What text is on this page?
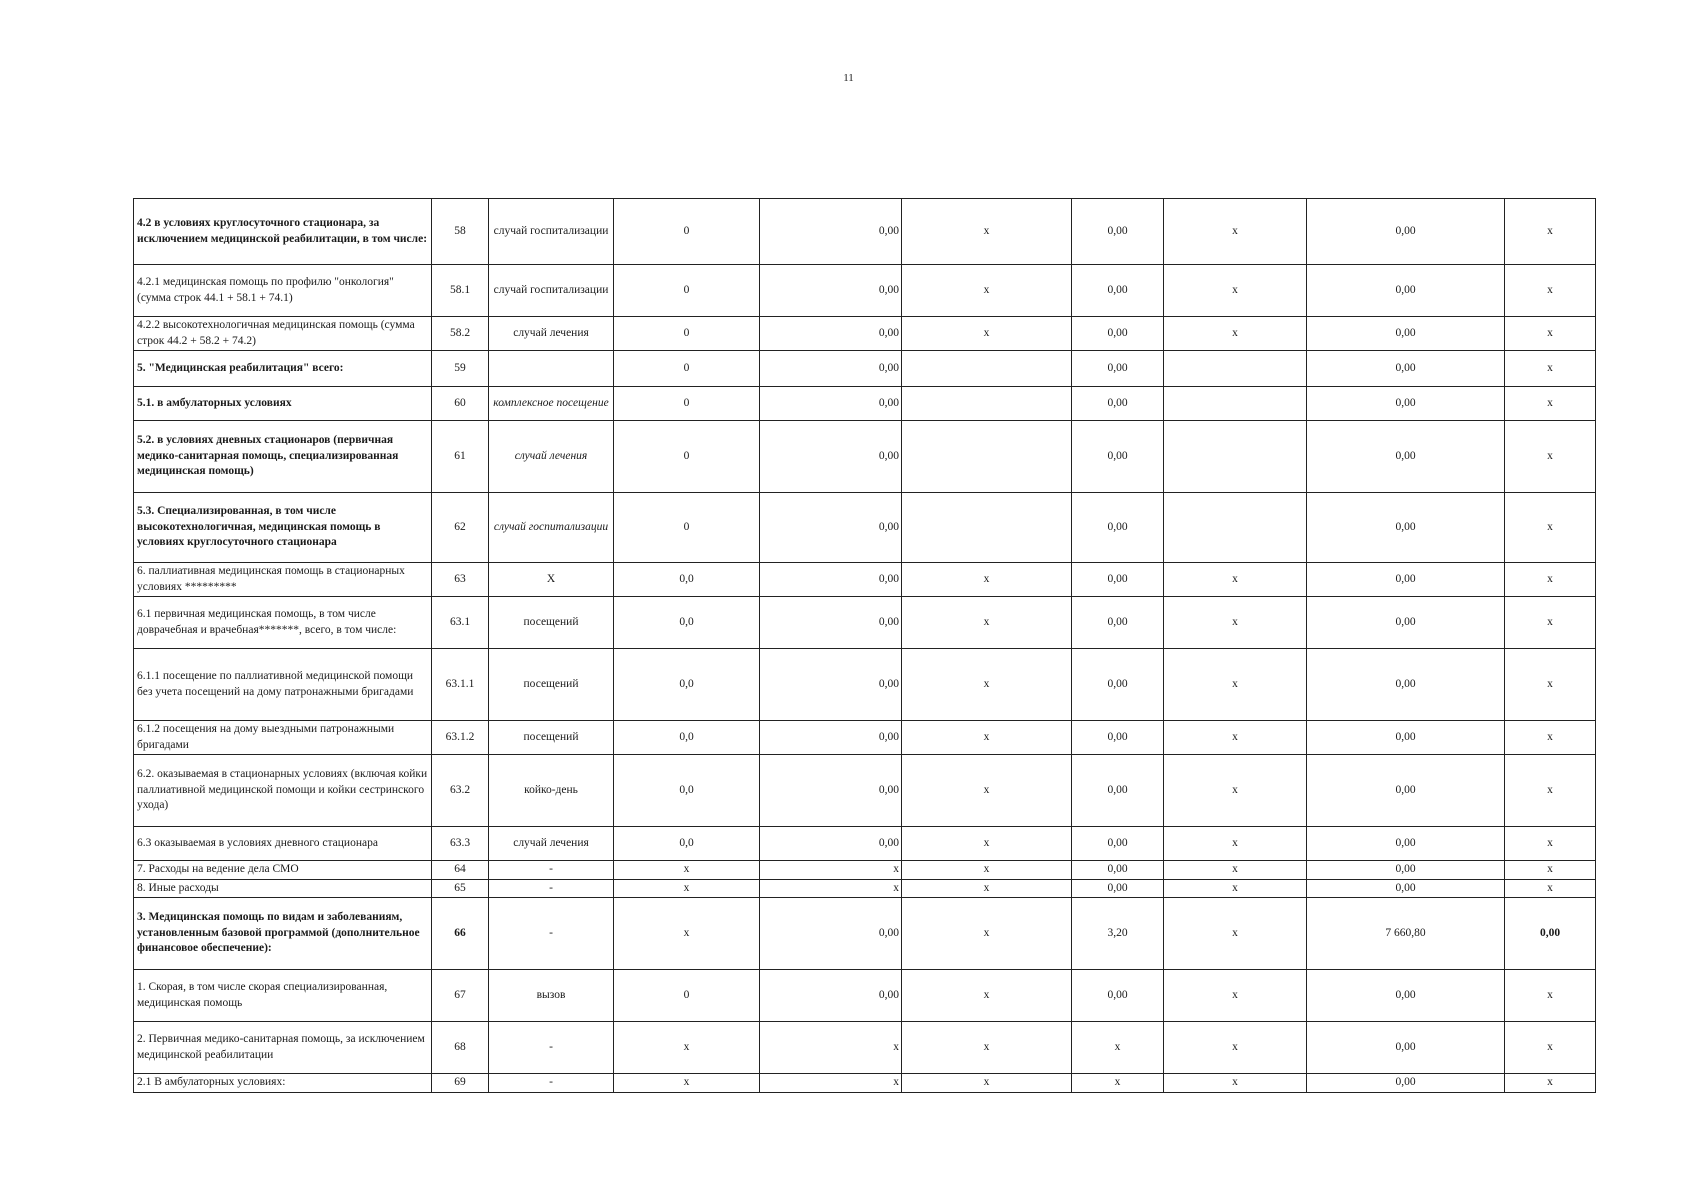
11
4.2 в условиях круглосуточного стационара, за исключением медицинской реабилитации, в том числе:	58	случай госпитализации	0	0,00	x	0,00	x	0,00	x
4.2.1 медицинская помощь по профилю "онкология" (сумма строк 44.1 + 58.1 + 74.1)	58.1	случай госпитализации	0	0,00	x	0,00	x	0,00	x
4.2.2 высокотехнологичная медицинская помощь (сумма строк 44.2 + 58.2 + 74.2)	58.2	случай лечения	0	0,00	x	0,00	x	0,00	x
5. "Медицинская реабилитация" всего:	59		0	0,00		0,00		0,00	x
5.1. в амбулаторных условиях	60	комплексное посещение	0	0,00		0,00		0,00	x
5.2. в условиях дневных стационаров (первичная медико-санитарная помощь, специализированная медицинская помощь)	61	случай лечения	0	0,00		0,00		0,00	x
5.3. Специализированная, в том числе высокотехнологичная, медицинская помощь в условиях круглосуточного стационара	62	случай госпитализации	0	0,00		0,00		0,00	x
6. паллиативная медицинская помощь в стационарных условиях *********	63	X	0,0	0,00	x	0,00	x	0,00	x
6.1 первичная медицинская помощь, в том числе доврачебная и врачебная*******, всего, в том числе:	63.1	посещений	0,0	0,00	x	0,00	x	0,00	x
6.1.1 посещение по паллиативной медицинской помощи без учета посещений на дому патронажными бригадами	63.1.1	посещений	0,0	0,00	x	0,00	x	0,00	x
6.1.2 посещения на дому выездными патронажными бригадами	63.1.2	посещений	0,0	0,00	x	0,00	x	0,00	x
6.2. оказываемая в стационарных условиях (включая койки паллиативной медицинской помощи и койки сестринского ухода)	63.2	койко-день	0,0	0,00	x	0,00	x	0,00	x
6.3 оказываемая в условиях дневного стационара	63.3	случай лечения	0,0	0,00	x	0,00	x	0,00	x
7. Расходы на ведение дела СМО	64	-	x	x	x	0,00	x	0,00	x
8. Иные расходы	65	-	x	x	x	0,00	x	0,00	x
3. Медицинская помощь по видам и заболеваниям, установленным базовой программой (дополнительное финансовое обеспечение):	66	-	x	0,00	x	3,20	x	7 660,80	0,00
1. Скорая, в том числе скорая специализированная, медицинская помощь	67	вызов	0	0,00	x	0,00	x	0,00	x
2. Первичная медико-санитарная помощь, за исключением медицинской реабилитации	68	-	x	x	x	x	x	0,00	x
2.1 В амбулаторных условиях:	69	-	x	x	x	x	x	0,00	x
